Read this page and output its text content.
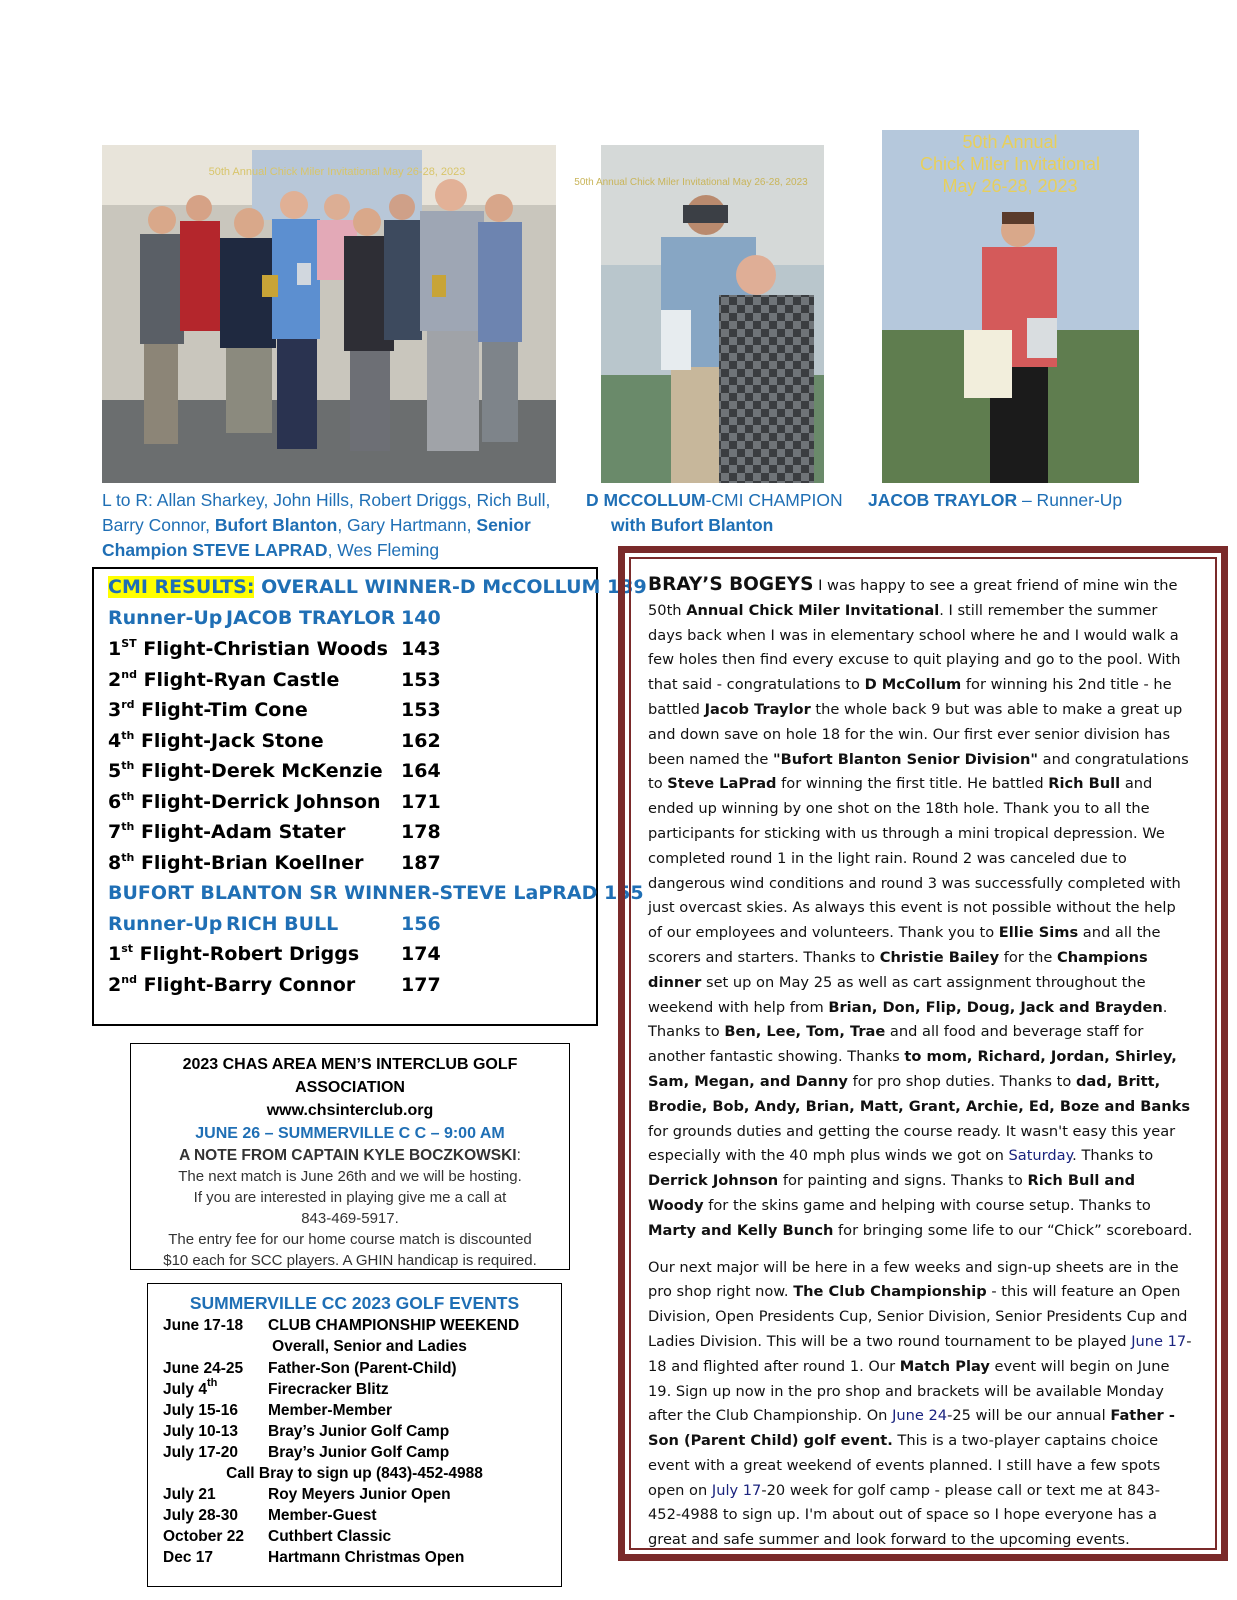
50th Annual Chick Miler Invitational May 26-28, 2023
50th Annual Chick Miler Invitational May 26-28, 2023
50th Annual
Chick Miler Invitational
May 26-28, 2023
L to R: Allan Sharkey, John Hills, Robert Driggs, Rich Bull,
Barry Connor, Bufort Blanton, Gary Hartmann, Senior
Champion STEVE LAPRAD, Wes Fleming
D MCCOLLUM-CMI CHAMPION
with Bufort Blanton
JACOB TRAYLOR – Runner-Up
CMI RESULTS: OVERALL WINNER-D McCOLLUM 139
Runner-Up JACOB TRAYLOR 140
1ST Flight-Christian Woods 143
2nd Flight-Ryan Castle	153
3rd Flight-Tim Cone	153
4th Flight-Jack Stone	162
5th Flight-Derek McKenzie 164
6th Flight-Derrick Johnson 171
7th Flight-Adam Stater	178
8th Flight-Brian Koellner 187
BUFORT BLANTON SR WINNER-STEVE LaPRAD 155
Runner-Up RICH BULL	156
1st Flight-Robert Driggs 174
2nd Flight-Barry Connor 177
2023 CHAS AREA MEN’S INTERCLUB GOLF
ASSOCIATION
www.chsinterclub.org
JUNE 26 – SUMMERVILLE C C – 9:00 AM
A NOTE FROM CAPTAIN KYLE BOCZKOWSKI:
The next match is June 26th and we will be hosting.
If you are interested in playing give me a call at
843-469-5917.
The entry fee for our home course match is discounted
$10 each for SCC players. A GHIN handicap is required.
SUMMERVILLE CC 2023 GOLF EVENTS
June 17-18 CLUB CHAMPIONSHIP WEEKEND
Overall, Senior and Ladies
June 24-25 Father-Son (Parent-Child)
July 4th	Firecracker Blitz
July 15-16 Member-Member
July 10-13 Bray’s Junior Golf Camp
July 17-20 Bray’s Junior Golf Camp
Call Bray to sign up (843)-452-4988
July 21	Roy Meyers Junior Open
July 28-30 Member-Guest
October 22 Cuthbert Classic
Dec 17	Hartmann Christmas Open

BRAY’S BOGEYS I was happy to see a great friend of mine win the 50th Annual Chick Miler Invitational. I still remember the summer days back when I was in elementary school where he and I would walk a few holes then find every excuse to quit playing and go to the pool. With that said - congratulations to D McCollum for winning his 2nd title - he battled Jacob Traylor the whole back 9 but was able to make a great up and down save on hole 18 for the win. Our first ever senior division has been named the "Bufort Blanton Senior Division" and congratulations to Steve LaPrad for winning the first title. He battled Rich Bull and ended up winning by one shot on the 18th hole. Thank you to all the participants for sticking with us through a mini tropical depression. We completed round 1 in the light rain. Round 2 was canceled due to dangerous wind conditions and round 3 was successfully completed with just overcast skies. As always this event is not possible without the help of our employees and volunteers. Thank you to Ellie Sims and all the scorers and starters. Thanks to Christie Bailey for the Champions dinner set up on May 25 as well as cart assignment throughout the weekend with help from Brian, Don, Flip, Doug, Jack and Brayden. Thanks to Ben, Lee, Tom, Trae and all food and beverage staff for another fantastic showing. Thanks to mom, Richard, Jordan, Shirley, Sam, Megan, and Danny for pro shop duties. Thanks to dad, Britt, Brodie, Bob, Andy, Brian, Matt, Grant, Archie, Ed, Boze and Banks for grounds duties and getting the course ready. It wasn't easy this year especially with the 40 mph plus winds we got on Saturday. Thanks to Derrick Johnson for painting and signs. Thanks to Rich Bull and Woody for the skins game and helping with course setup. Thanks to Marty and Kelly Bunch for bringing some life to our “Chick” scoreboard.

Our next major will be here in a few weeks and sign-up sheets are in the pro shop right now. The Club Championship - this will feature an Open Division, Open Presidents Cup, Senior Division, Senior Presidents Cup and Ladies Division. This will be a two round tournament to be played June 17-18 and flighted after round 1. Our Match Play event will begin on June 19. Sign up now in the pro shop and brackets will be available Monday after the Club Championship. On June 24-25 will be our annual Father - Son (Parent Child) golf event. This is a two-player captains choice event with a great weekend of events planned. I still have a few spots open on July 17-20 week for golf camp - please call or text me at 843-452-4988 to sign up. I'm about out of space so I hope everyone has a great and safe summer and look forward to the upcoming events.
